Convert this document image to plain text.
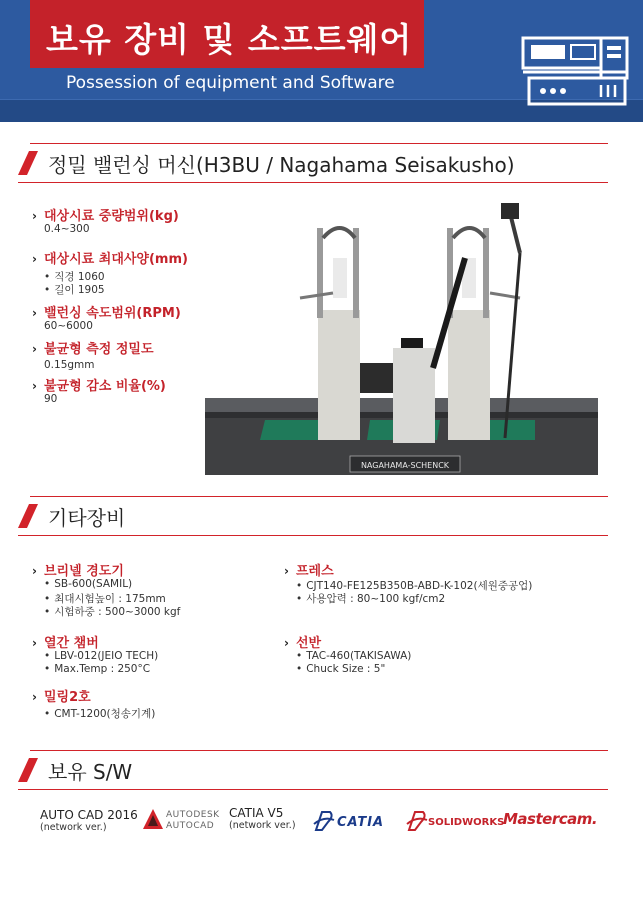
보유 장비 및 소프트웨어
Possession of equipment and Software
정밀 밸런싱 머신(H3BU / Nagahama Seisakusho)
› 대상시료 중량범위(kg)
0.4~300
› 대상시료 최대사양(mm)
• 직경 1060
• 길이 1905
› 밸런싱 속도범위(RPM)
60~6000
› 불균형 측정 정밀도
0.15gmm
› 불균형 감소 비율(%)
90
NAGAHAMA-SCHENCK
기타장비
› 브리넬 경도기
• SB-600(SAMIL)
• 최대시험높이 : 175mm
• 시험하중 : 500~3000 kgf
› 열간 챔버
• LBV-012(JEIO TECH)
• Max.Temp : 250°C
› 밀링2호
• CMT-1200(청송기계)
› 프레스
• CJT140-FE125B350B-ABD-K-102(세원중공업)
• 사용압력 : 80~100 kgf/cm2
› 선반
• TAC-460(TAKISAWA)
• Chuck Size : 5"
보유 S/W
AUTO CAD 2016
(network ver.)
AUTODESK
AUTOCAD
CATIA V5
(network ver.)	CATIA	SOLIDWORKS
Mastercam.
